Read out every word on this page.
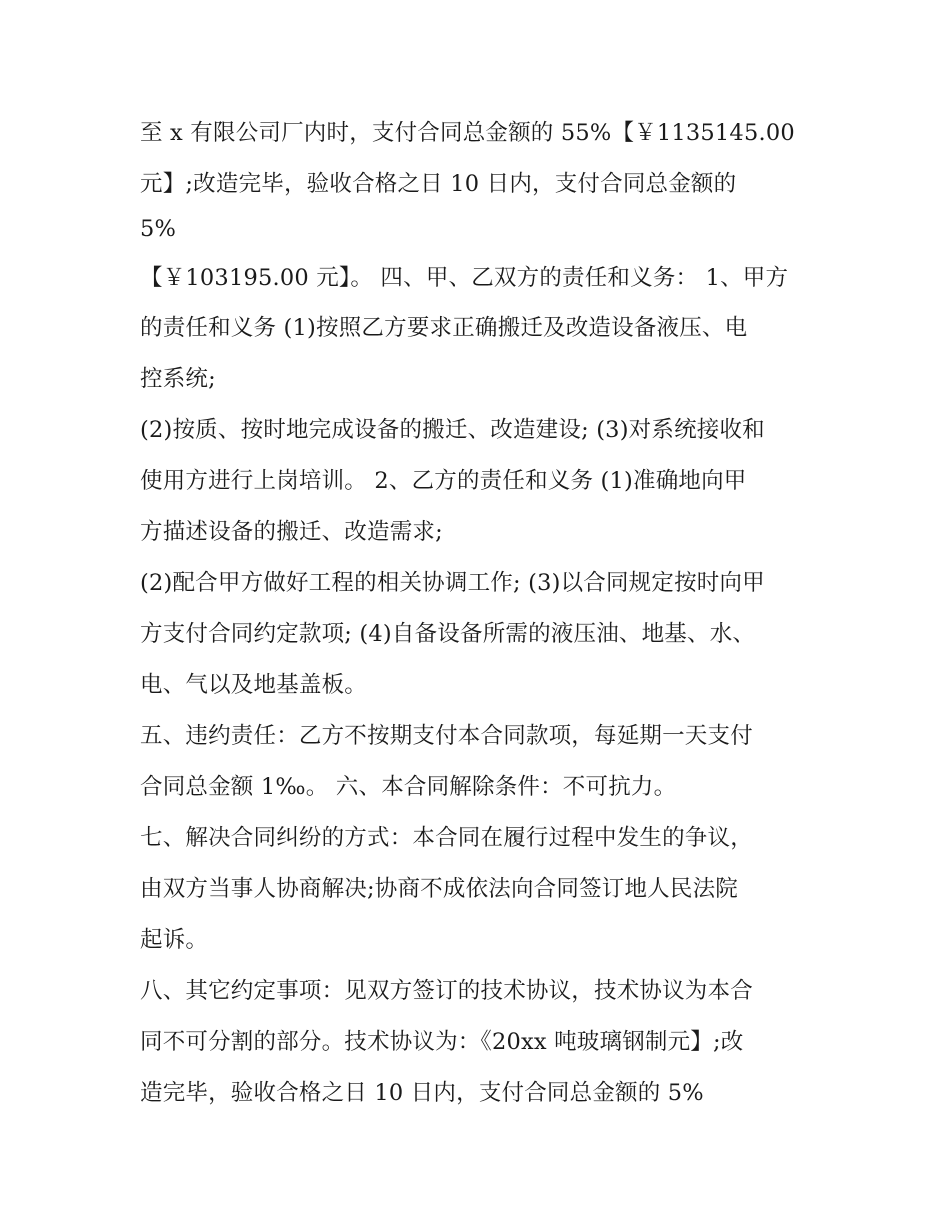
至 x 有限公司厂内时，支付合同总金额的 55%【￥1135145.00
元】;改造完毕，验收合格之日 10 日内，支付合同总金额的
5%
【￥103195.00 元】。 四、甲、乙双方的责任和义务： 1、甲方
的责任和义务 (1)按照乙方要求正确搬迁及改造设备液压、电
控系统;
(2)按质、按时地完成设备的搬迁、改造建设; (3)对系统接收和
使用方进行上岗培训。 2、乙方的责任和义务 (1)准确地向甲
方描述设备的搬迁、改造需求;
(2)配合甲方做好工程的相关协调工作; (3)以合同规定按时向甲
方支付合同约定款项; (4)自备设备所需的液压油、地基、水、
电、气以及地基盖板。
五、违约责任：乙方不按期支付本合同款项，每延期一天支付
合同总金额 1‰。 六、本合同解除条件：不可抗力。
七、解决合同纠纷的方式：本合同在履行过程中发生的争议，
由双方当事人协商解决;协商不成依法向合同签订地人民法院
起诉。
八、其它约定事项：见双方签订的技术协议，技术协议为本合
同不可分割的部分。技术协议为：《20xx 吨玻璃钢制元】;改
造完毕，验收合格之日 10 日内，支付合同总金额的 5%
